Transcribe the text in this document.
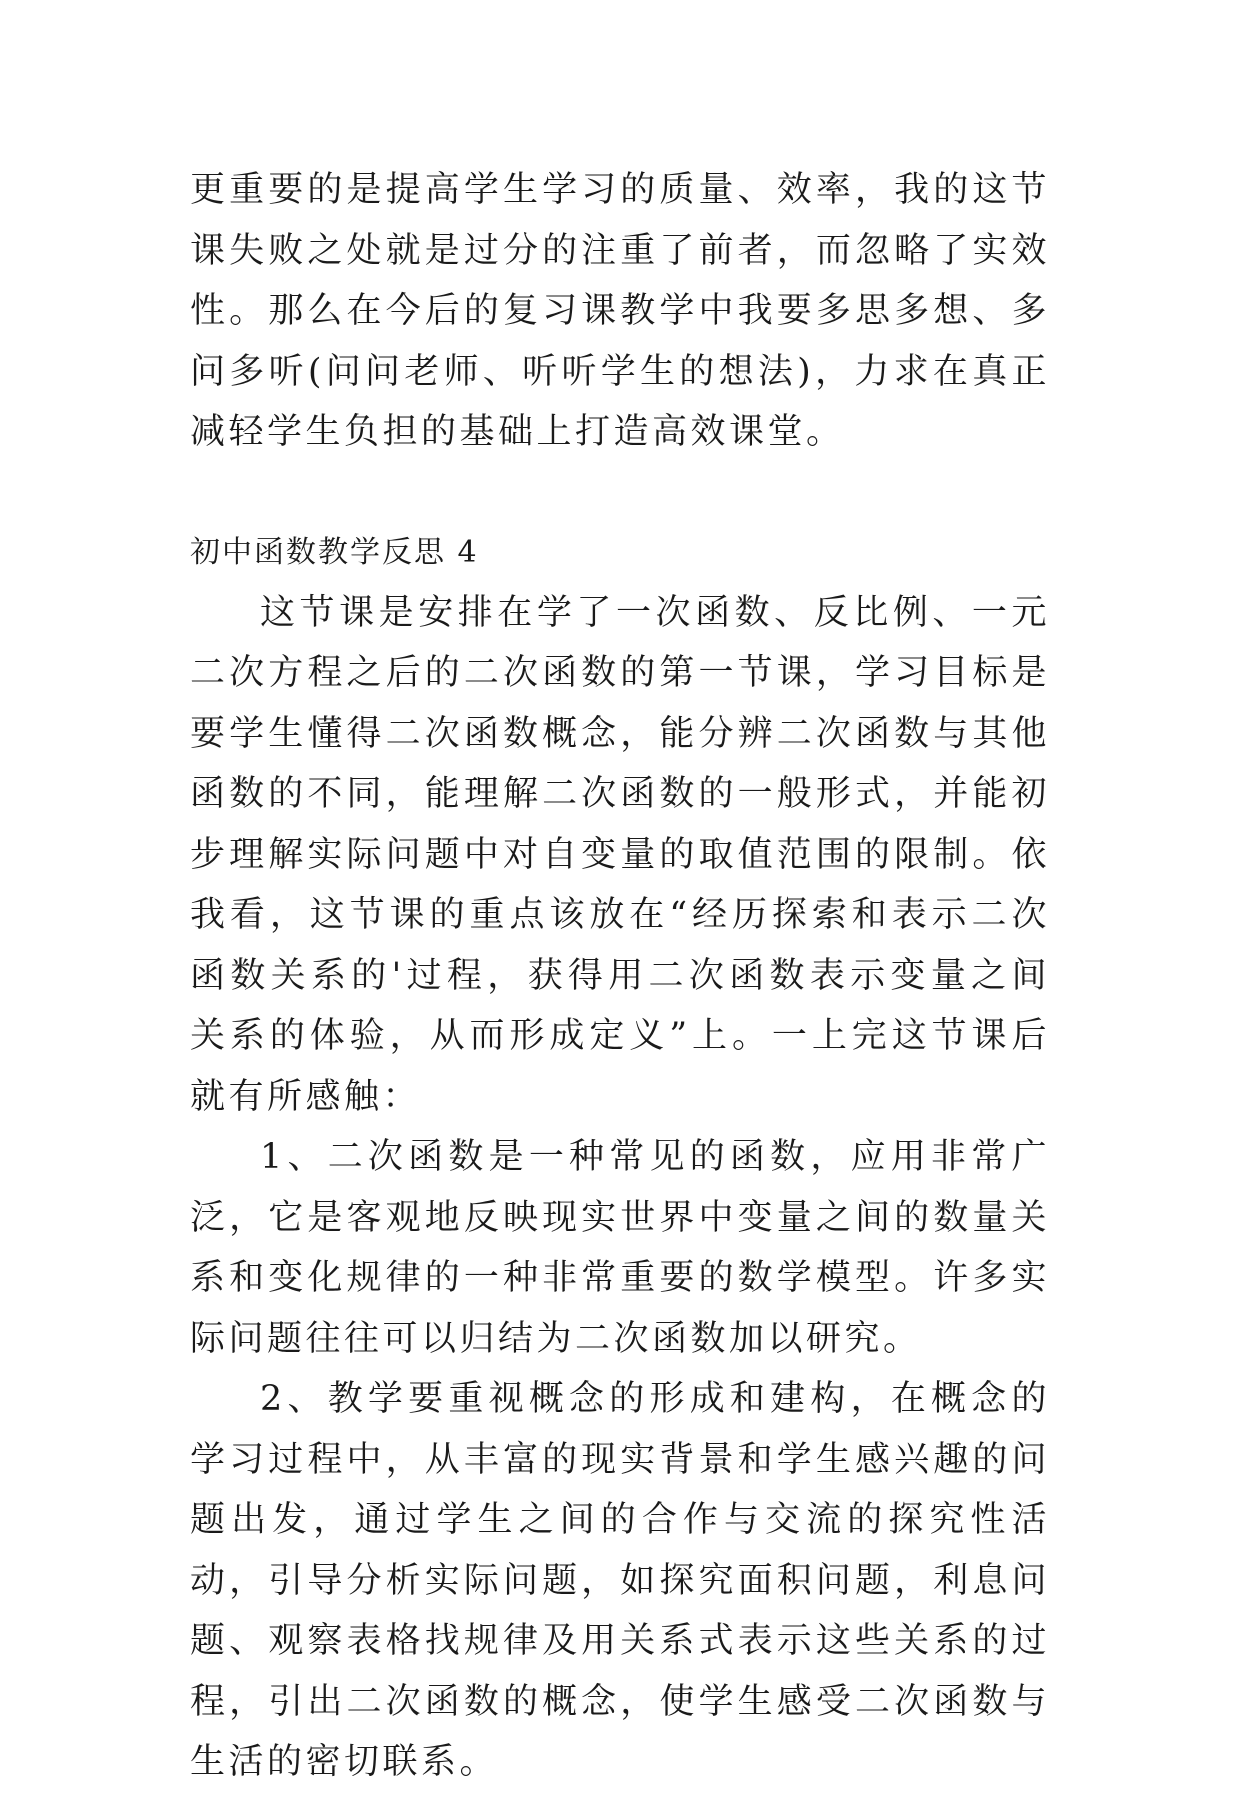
更重要的是提高学生学习的质量、效率，我的这节课失败之处就是过分的注重了前者，而忽略了实效性。那么在今后的复习课教学中我要多思多想、多问多听(问问老师、听听学生的想法)，力求在真正减轻学生负担的基础上打造高效课堂。

初中函数教学反思 4

这节课是安排在学了一次函数、反比例、一元二次方程之后的二次函数的第一节课，学习目标是要学生懂得二次函数概念，能分辨二次函数与其他函数的不同，能理解二次函数的一般形式，并能初步理解实际问题中对自变量的取值范围的限制。依我看，这节课的重点该放在“经历探索和表示二次函数关系的'过程，获得用二次函数表示变量之间关系的体验，从而形成定义”上。一上完这节课后就有所感触：

1、二次函数是一种常见的函数，应用非常广泛，它是客观地反映现实世界中变量之间的数量关系和变化规律的一种非常重要的数学模型。许多实际问题往往可以归结为二次函数加以研究。

2、教学要重视概念的形成和建构，在概念的学习过程中，从丰富的现实背景和学生感兴趣的问题出发，通过学生之间的合作与交流的探究性活动，引导分析实际问题，如探究面积问题，利息问题、观察表格找规律及用关系式表示这些关系的过程，引出二次函数的概念，使学生感受二次函数与生活的密切联系。
